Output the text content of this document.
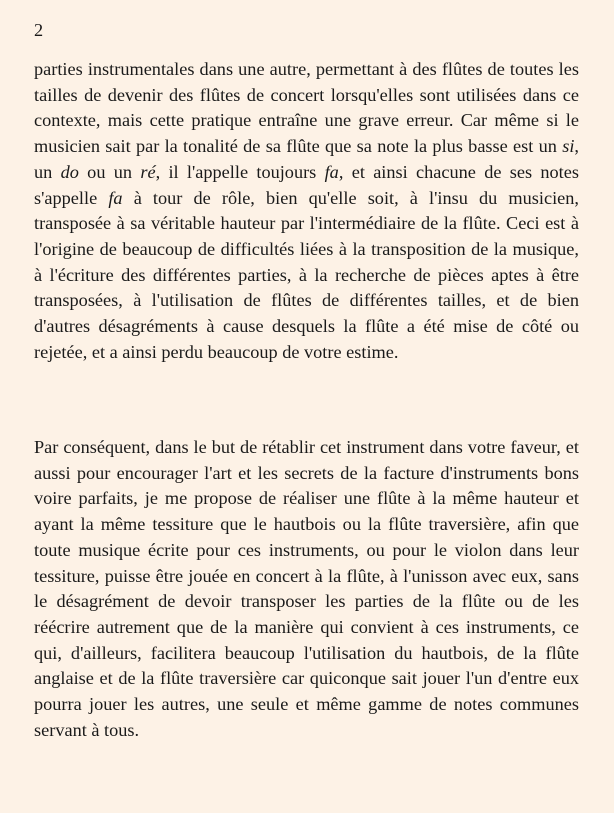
2

parties instrumentales dans une autre, permettant à des flûtes de toutes les tailles de devenir des flûtes de concert lorsqu'elles sont utilisées dans ce contexte, mais cette pratique entraîne une grave erreur. Car même si le musicien sait par la tonalité de sa flûte que sa note la plus basse est un si, un do ou un ré, il l'appelle toujours fa, et ainsi chacune de ses notes s'appelle fa à tour de rôle, bien qu'elle soit, à l'insu du musicien, transposée à sa véritable hauteur par l'intermédiaire de la flûte. Ceci est à l'origine de beaucoup de difficultés liées à la transposition de la musique, à l'écriture des différentes parties, à la recherche de pièces aptes à être transposées, à l'utilisation de flûtes de différentes tailles, et de bien d'autres désagréments à cause desquels la flûte a été mise de côté ou rejetée, et a ainsi perdu beaucoup de votre estime.

Par conséquent, dans le but de rétablir cet instrument dans votre faveur, et aussi pour encourager l'art et les secrets de la facture d'instruments bons voire parfaits, je me propose de réaliser une flûte à la même hauteur et ayant la même tessiture que le hautbois ou la flûte traversière, afin que toute musique écrite pour ces instruments, ou pour le violon dans leur tessiture, puisse être jouée en concert à la flûte, à l'unisson avec eux, sans le désagrément de devoir transposer les parties de la flûte ou de les réécrire autrement que de la manière qui convient à ces instruments, ce qui, d'ailleurs, facilitera beaucoup l'utilisation du hautbois, de la flûte anglaise et de la flûte traversière car quiconque sait jouer l'un d'entre eux pourra jouer les autres, une seule et même gamme de notes communes servant à tous.
